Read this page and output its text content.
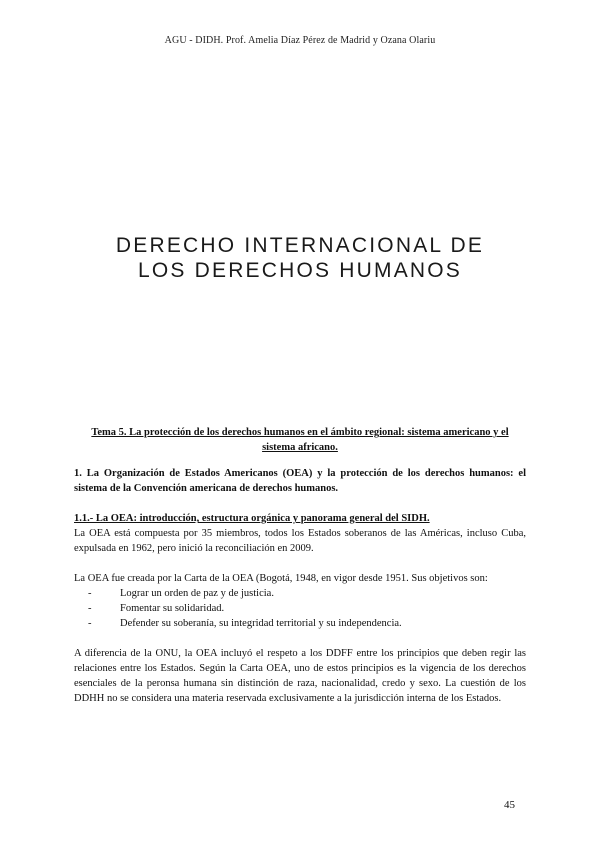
AGU - DIDH. Prof. Amelia Díaz Pérez de Madrid y Ozana Olariu
DERECHO INTERNACIONAL DE
LOS DERECHOS HUMANOS
Tema 5. La protección de los derechos humanos en el ámbito regional: sistema americano y el sistema africano.

1. La Organización de Estados Americanos (OEA) y la protección de los derechos humanos: el sistema de la Convención americana de derechos humanos.

1.1.- La OEA: introducción, estructura orgánica y panorama general del SIDH.

La OEA está compuesta por 35 miembros, todos los Estados soberanos de las Américas, incluso Cuba, expulsada en 1962, pero inició la reconciliación en 2009.

La OEA fue creada por la Carta de la OEA (Bogotá, 1948, en vigor desde 1951. Sus objetivos son:

- Lograr un orden de paz y de justicia.
- Fomentar su solidaridad.
- Defender su soberanía, su integridad territorial y su independencia.

A diferencia de la ONU, la OEA incluyó el respeto a los DDFF entre los principios que deben regir las relaciones entre los Estados. Según la Carta OEA, uno de estos principios es la vigencia de los derechos esenciales de la peronsa humana sin distinción de raza, nacionalidad, credo y sexo. La cuestión de los DDHH no se considera una materia reservada exclusivamente a la jurisdicción interna de los Estados.

45
